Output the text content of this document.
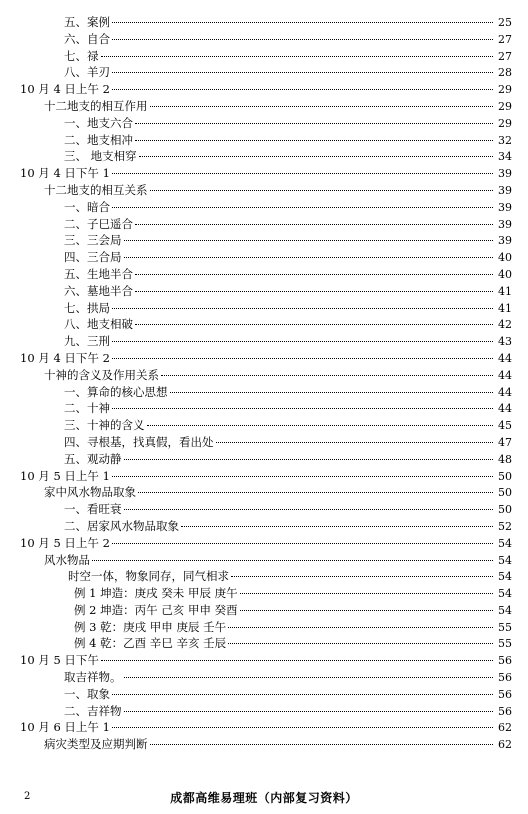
五、案例	25
六、自合	27
七、禄	27
八、羊刃	28
10 月 4 日上午 2	29
十二地支的相互作用	29
一、地支六合	29
二、地支相冲	32
三、 地支相穿	34
10 月 4 日下午 1	39
十二地支的相互关系	39
一、暗合	39
二、子巳遥合	39
三、三会局	39
四、三合局	40
五、生地半合	40
六、墓地半合	41
七、拱局	41
八、地支相破	42
九、三刑	43
10 月 4 日下午 2	44
十神的含义及作用关系	44
一、算命的核心思想	44
二、十神	44
三、十神的含义	45
四、寻根基，找真假，看出处	47
五、观动静	48
10 月 5 日上午 1	50
家中风水物品取象	50
一、看旺衰	50
二、居家风水物品取象	52
10 月 5 日上午 2	54
风水物品	54
时空一体，物象同存，同气相求	54
例 1 坤造：庚戌 癸未 甲辰 庚午	54
例 2 坤造：丙午 己亥 甲申 癸酉	54
例 3 乾：庚戌 甲申 庚辰 壬午	55
例 4 乾：乙酉 辛巳 辛亥 壬辰	55
10 月 5 日下午	56
取吉祥物。	56
一、取象	56
二、吉祥物	56
10 月 6 日上午 1	62
病灾类型及应期判断	62
2	成都高维易理班（内部复习资料）
